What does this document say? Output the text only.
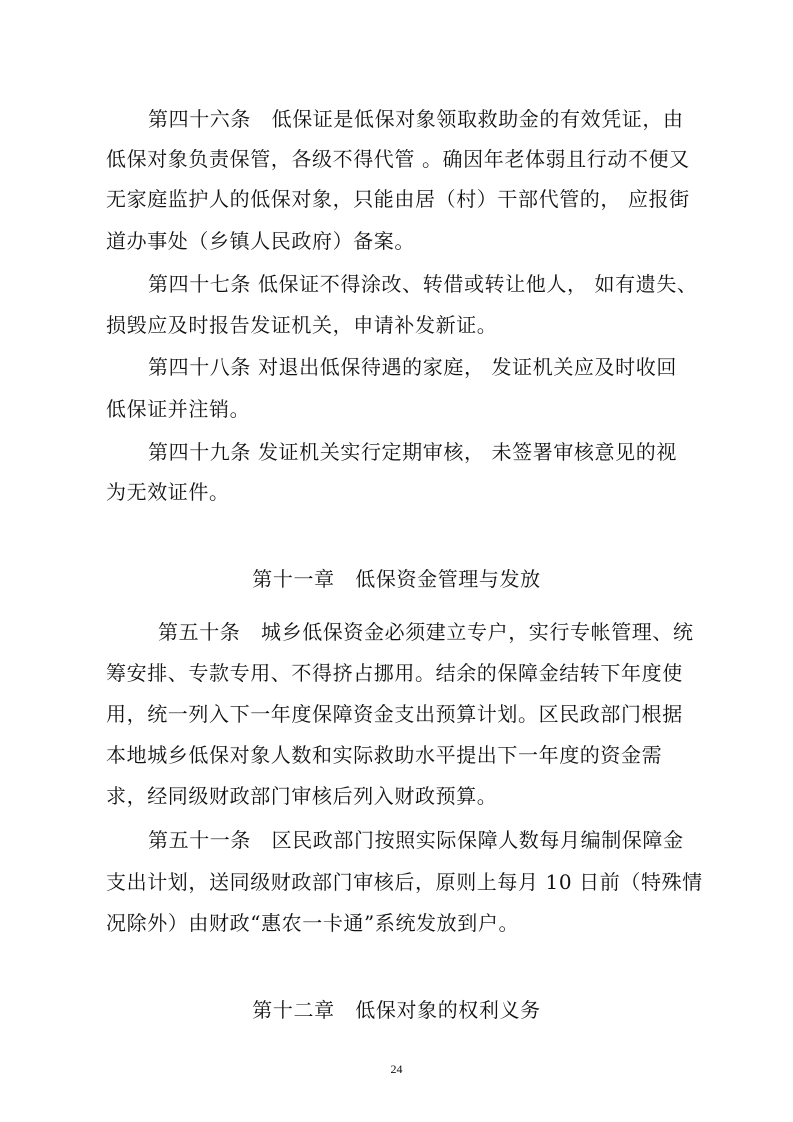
第四十六条　低保证是低保对象领取救助金的有效凭证，由
低保对象负责保管，各级不得代管 。确因年老体弱且行动不便又
无家庭监护人的低保对象，只能由居（村）干部代管的， 应报街
道办事处（乡镇人民政府）备案。
第四十七条 低保证不得涂改、转借或转让他人， 如有遗失、
损毁应及时报告发证机关，申请补发新证。
第四十八条 对退出低保待遇的家庭， 发证机关应及时收回
低保证并注销。
第四十九条 发证机关实行定期审核， 未签署审核意见的视
为无效证件。
第十一章　低保资金管理与发放
第五十条　城乡低保资金必须建立专户，实行专帐管理、统
筹安排、专款专用、不得挤占挪用。结余的保障金结转下年度使
用，统一列入下一年度保障资金支出预算计划。区民政部门根据
本地城乡低保对象人数和实际救助水平提出下一年度的资金需
求，经同级财政部门审核后列入财政预算。
第五十一条　区民政部门按照实际保障人数每月编制保障金
支出计划，送同级财政部门审核后，原则上每月 10 日前（特殊情
况除外）由财政“惠农一卡通”系统发放到户。
第十二章　低保对象的权利义务
24
